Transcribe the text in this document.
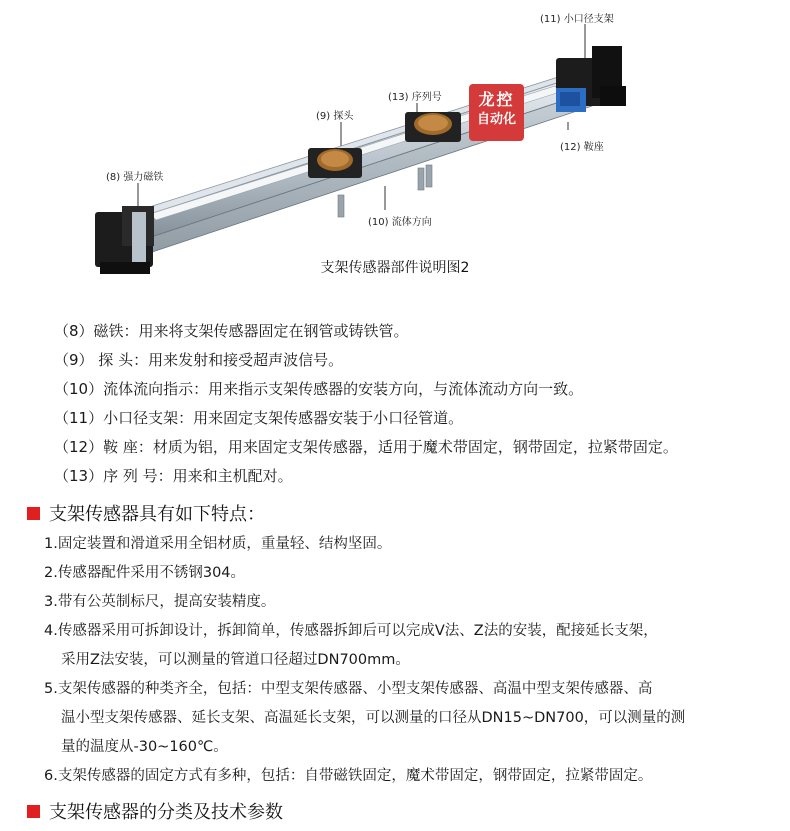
龙控
自动化
(11) 小口径支架
(13) 序列号
(9) 探头
(8) 强力磁铁
(12) 鞍座
(10) 流体方向
支架传感器部件说明图2
（8）磁铁：用来将支架传感器固定在钢管或铸铁管。
（9） 探 头：用来发射和接受超声波信号。
（10）流体流向指示：用来指示支架传感器的安装方向，与流体流动方向一致。
（11）小口径支架：用来固定支架传感器安装于小口径管道。
（12）鞍 座：材质为铝，用来固定支架传感器，适用于魔术带固定，钢带固定，拉紧带固定。
（13）序 列 号：用来和主机配对。
支架传感器具有如下特点：
1.固定装置和滑道采用全铝材质，重量轻、结构坚固。
2.传感器配件采用不锈钢304。
3.带有公英制标尺，提高安装精度。
4.传感器采用可拆卸设计，拆卸简单，传感器拆卸后可以完成V法、Z法的安装，配接延长支架，
采用Z法安装，可以测量的管道口径超过DN700mm。
5.支架传感器的种类齐全，包括：中型支架传感器、小型支架传感器、高温中型支架传感器、高
温小型支架传感器、延长支架、高温延长支架，可以测量的口径从DN15~DN700，可以测量的测
量的温度从-30~160℃。
6.支架传感器的固定方式有多种，包括：自带磁铁固定，魔术带固定，钢带固定，拉紧带固定。
支架传感器的分类及技术参数
